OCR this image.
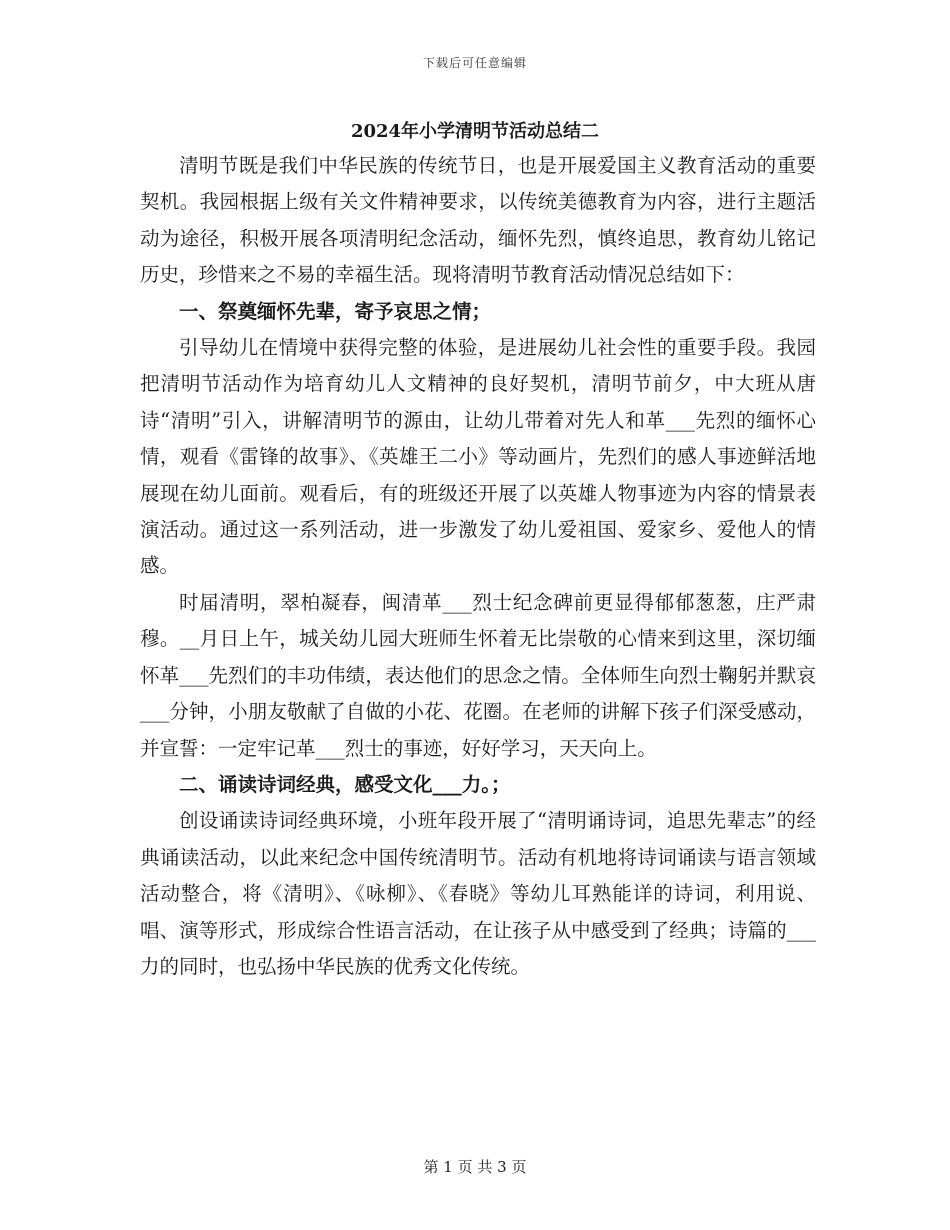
下载后可任意编辑
2024年小学清明节活动总结二

清明节既是我们中华民族的传统节日，也是开展爱国主义教育活动的重要契机。我园根据上级有关文件精神要求，以传统美德教育为内容，进行主题活动为途径，积极开展各项清明纪念活动，缅怀先烈，慎终追思，教育幼儿铭记历史，珍惜来之不易的幸福生活。现将清明节教育活动情况总结如下：

一、祭奠缅怀先辈，寄予哀思之情；

引导幼儿在情境中获得完整的体验，是进展幼儿社会性的重要手段。我园把清明节活动作为培育幼儿人文精神的良好契机，清明节前夕，中大班从唐诗“清明”引入，讲解清明节的源由，让幼儿带着对先人和革___先烈的缅怀心情，观看《雷锋的故事》、《英雄王二小》等动画片，先烈们的感人事迹鲜活地展现在幼儿面前。观看后，有的班级还开展了以英雄人物事迹为内容的情景表演活动。通过这一系列活动，进一步激发了幼儿爱祖国、爱家乡、爱他人的情感。

时届清明，翠柏凝春，闽清革___烈士纪念碑前更显得郁郁葱葱，庄严肃穆。__月日上午，城关幼儿园大班师生怀着无比崇敬的心情来到这里，深切缅怀革___先烈们的丰功伟绩，表达他们的思念之情。全体师生向烈士鞠躬并默哀___分钟，小朋友敬献了自做的小花、花圈。在老师的讲解下孩子们深受感动，并宣誓：一定牢记革___烈士的事迹，好好学习，天天向上。

二、诵读诗词经典，感受文化___力。；

创设诵读诗词经典环境，小班年段开展了“清明诵诗词，追思先辈志”的经典诵读活动，以此来纪念中国传统清明节。活动有机地将诗词诵读与语言领域活动整合，将《清明》、《咏柳》、《春晓》等幼儿耳熟能详的诗词，利用说、唱、演等形式，形成综合性语言活动，在让孩子从中感受到了经典；诗篇的___力的同时，也弘扬中华民族的优秀文化传统。

第 1 页 共 3 页
